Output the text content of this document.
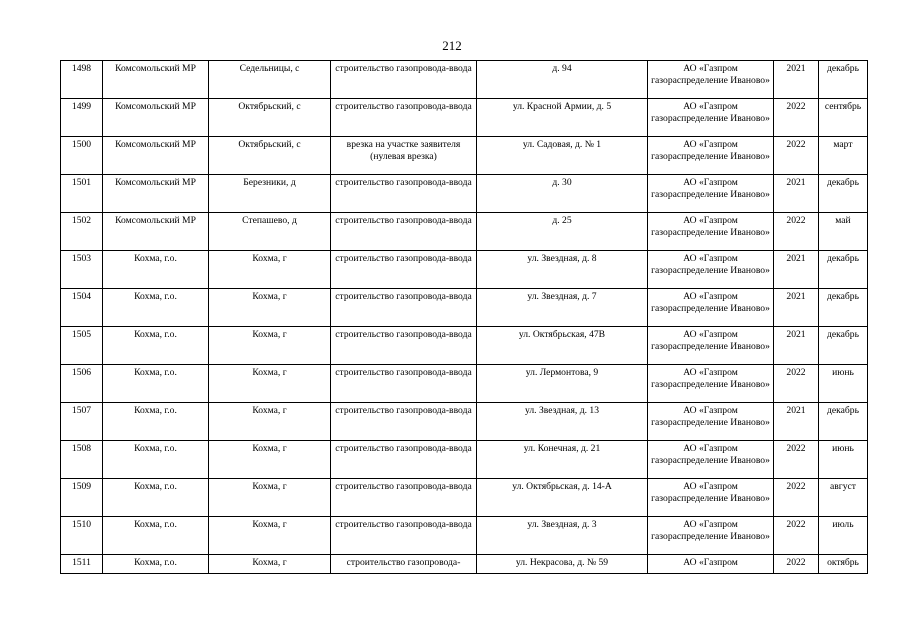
212
1498	Комсомольский МР	Седельницы, с	строительство газопровода-ввода	д. 94	АО «Газпром газораспределение Иваново»	2021	декабрь
1499	Комсомольский МР	Октябрьский, с	строительство газопровода-ввода	ул. Красной Армии, д. 5	АО «Газпром газораспределение Иваново»	2022	сентябрь
1500	Комсомольский МР	Октябрьский, с	врезка на участке заявителя (нулевая врезка)	ул. Садовая, д. № 1	АО «Газпром газораспределение Иваново»	2022	март
1501	Комсомольский МР	Березники, д	строительство газопровода-ввода	д. 30	АО «Газпром газораспределение Иваново»	2021	декабрь
1502	Комсомольский МР	Степашево, д	строительство газопровода-ввода	д. 25	АО «Газпром газораспределение Иваново»	2022	май
1503	Кохма, г.о.	Кохма, г	строительство газопровода-ввода	ул. Звездная, д. 8	АО «Газпром газораспределение Иваново»	2021	декабрь
1504	Кохма, г.о.	Кохма, г	строительство газопровода-ввода	ул. Звездная, д. 7	АО «Газпром газораспределение Иваново»	2021	декабрь
1505	Кохма, г.о.	Кохма, г	строительство газопровода-ввода	ул. Октябрьская, 47В	АО «Газпром газораспределение Иваново»	2021	декабрь
1506	Кохма, г.о.	Кохма, г	строительство газопровода-ввода	ул. Лермонтова, 9	АО «Газпром газораспределение Иваново»	2022	июнь
1507	Кохма, г.о.	Кохма, г	строительство газопровода-ввода	ул. Звездная, д. 13	АО «Газпром газораспределение Иваново»	2021	декабрь
1508	Кохма, г.о.	Кохма, г	строительство газопровода-ввода	ул. Конечная, д. 21	АО «Газпром газораспределение Иваново»	2022	июнь
1509	Кохма, г.о.	Кохма, г	строительство газопровода-ввода	ул. Октябрьская, д. 14-А	АО «Газпром газораспределение Иваново»	2022	август
1510	Кохма, г.о.	Кохма, г	строительство газопровода-ввода	ул. Звездная, д. 3	АО «Газпром газораспределение Иваново»	2022	июль
1511	Кохма, г.о.	Кохма, г	строительство газопровода-	ул. Некрасова, д. № 59	АО «Газпром	2022	октябрь
